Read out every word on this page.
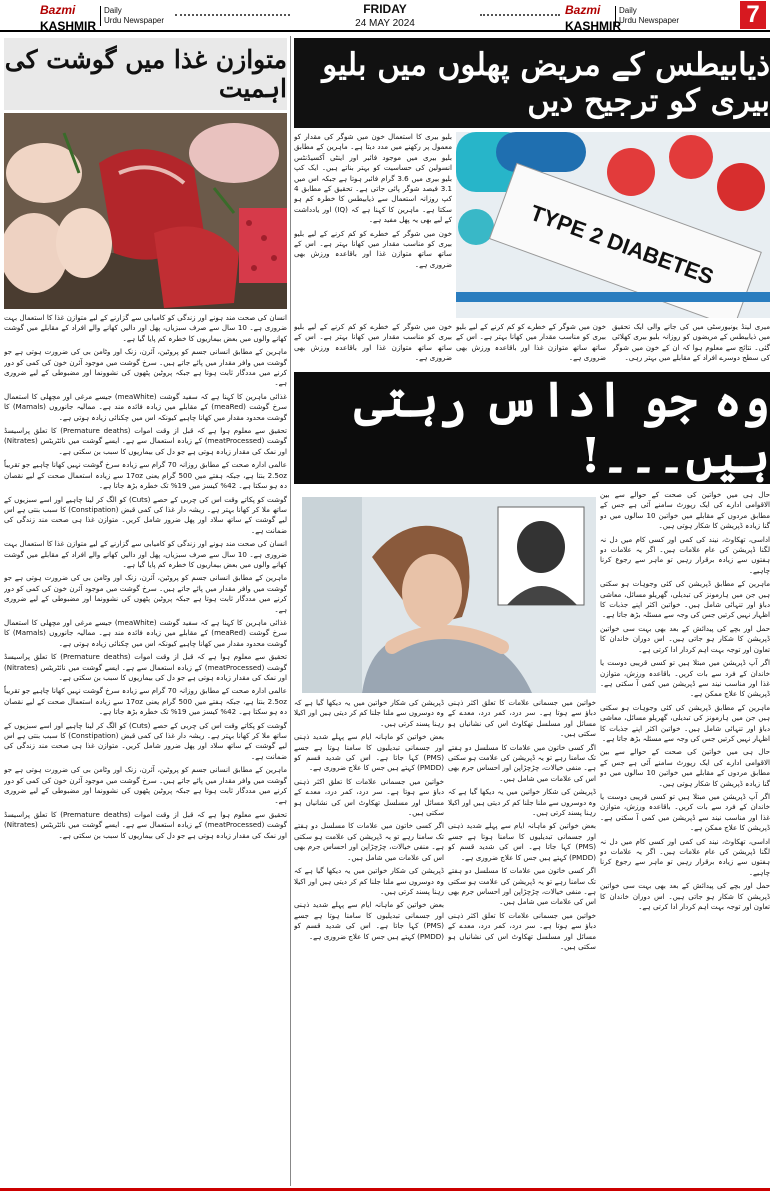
Bazmi
KASHMIR
Daily
Urdu Newspaper
FRIDAY
24 MAY 2024
Bazmi
KASHMIR
Daily
Urdu Newspaper	7
متوازن غذا میں گوشت کی اہمیت

انسان کی صحت مند ہونے اور زندگی کو کامیابی سے گزارنے کے لیے متوازن غذا کا استعمال بہت ضروری ہے۔ 10 سال سے صرف سبزیاں، پھل اور دالیں کھانے والے افراد کے مقابلے میں گوشت کھانے والوں میں بعض بیماریوں کا خطرہ کم پایا گیا ہے۔

ماہرین کے مطابق انسانی جسم کو پروٹین، آئرن، زنک اور وٹامن بی کی ضرورت ہوتی ہے جو گوشت میں وافر مقدار میں پائے جاتے ہیں۔ سرخ گوشت میں موجود آئرن خون کی کمی کو دور کرنے میں مددگار ثابت ہوتا ہے جبکہ پروٹین پٹھوں کی نشوونما اور مضبوطی کے لیے ضروری ہے۔

غذائی ماہرین کا کہنا ہے کہ سفید گوشت (meaWhite) جیسے مرغی اور مچھلی کا استعمال سرخ گوشت (meaRed) کے مقابلے میں زیادہ فائدہ مند ہے۔ ممالیہ جانوروں (Mamals) کا گوشت محدود مقدار میں کھانا چاہیے کیونکہ اس میں چکنائی زیادہ ہوتی ہے۔

تحقیق سے معلوم ہوا ہے کہ قبل از وقت اموات (Premature deaths) کا تعلق پراسیسڈ گوشت (meatProcessed) کے زیادہ استعمال سے ہے۔ ایسے گوشت میں نائٹریٹس (Nitrates) اور نمک کی مقدار زیادہ ہوتی ہے جو دل کی بیماریوں کا سبب بن سکتی ہے۔

عالمی ادارہ صحت کے مطابق روزانہ 70 گرام سے زیادہ سرخ گوشت نہیں کھانا چاہیے جو تقریباً 2.5oz بنتا ہے، جبکہ ہفتے میں 500 گرام یعنی 17oz سے زیادہ استعمال صحت کے لیے نقصان دہ ہو سکتا ہے۔ 42% کیسز میں 19% تک خطرہ بڑھ جاتا ہے۔

گوشت کو پکاتے وقت اس کی چربی کے حصے (Cuts) کو الگ کر لینا چاہیے اور اسے سبزیوں کے ساتھ ملا کر کھانا بہتر ہے۔ ریشہ دار غذا کی کمی قبض (Constipation) کا سبب بنتی ہے اس لیے گوشت کے ساتھ سلاد اور پھل ضرور شامل کریں۔ متوازن غذا ہی صحت مند زندگی کی ضمانت ہے۔

انسان کی صحت مند ہونے اور زندگی کو کامیابی سے گزارنے کے لیے متوازن غذا کا استعمال بہت ضروری ہے۔ 10 سال سے صرف سبزیاں، پھل اور دالیں کھانے والے افراد کے مقابلے میں گوشت کھانے والوں میں بعض بیماریوں کا خطرہ کم پایا گیا ہے۔

ماہرین کے مطابق انسانی جسم کو پروٹین، آئرن، زنک اور وٹامن بی کی ضرورت ہوتی ہے جو گوشت میں وافر مقدار میں پائے جاتے ہیں۔ سرخ گوشت میں موجود آئرن خون کی کمی کو دور کرنے میں مددگار ثابت ہوتا ہے جبکہ پروٹین پٹھوں کی نشوونما اور مضبوطی کے لیے ضروری ہے۔

غذائی ماہرین کا کہنا ہے کہ سفید گوشت (meaWhite) جیسے مرغی اور مچھلی کا استعمال سرخ گوشت (meaRed) کے مقابلے میں زیادہ فائدہ مند ہے۔ ممالیہ جانوروں (Mamals) کا گوشت محدود مقدار میں کھانا چاہیے کیونکہ اس میں چکنائی زیادہ ہوتی ہے۔

تحقیق سے معلوم ہوا ہے کہ قبل از وقت اموات (Premature deaths) کا تعلق پراسیسڈ گوشت (meatProcessed) کے زیادہ استعمال سے ہے۔ ایسے گوشت میں نائٹریٹس (Nitrates) اور نمک کی مقدار زیادہ ہوتی ہے جو دل کی بیماریوں کا سبب بن سکتی ہے۔

عالمی ادارہ صحت کے مطابق روزانہ 70 گرام سے زیادہ سرخ گوشت نہیں کھانا چاہیے جو تقریباً 2.5oz بنتا ہے، جبکہ ہفتے میں 500 گرام یعنی 17oz سے زیادہ استعمال صحت کے لیے نقصان دہ ہو سکتا ہے۔ 42% کیسز میں 19% تک خطرہ بڑھ جاتا ہے۔

گوشت کو پکاتے وقت اس کی چربی کے حصے (Cuts) کو الگ کر لینا چاہیے اور اسے سبزیوں کے ساتھ ملا کر کھانا بہتر ہے۔ ریشہ دار غذا کی کمی قبض (Constipation) کا سبب بنتی ہے اس لیے گوشت کے ساتھ سلاد اور پھل ضرور شامل کریں۔ متوازن غذا ہی صحت مند زندگی کی ضمانت ہے۔

ماہرین کے مطابق انسانی جسم کو پروٹین، آئرن، زنک اور وٹامن بی کی ضرورت ہوتی ہے جو گوشت میں وافر مقدار میں پائے جاتے ہیں۔ سرخ گوشت میں موجود آئرن خون کی کمی کو دور کرنے میں مددگار ثابت ہوتا ہے جبکہ پروٹین پٹھوں کی نشوونما اور مضبوطی کے لیے ضروری ہے۔

تحقیق سے معلوم ہوا ہے کہ قبل از وقت اموات (Premature deaths) کا تعلق پراسیسڈ گوشت (meatProcessed) کے زیادہ استعمال سے ہے۔ ایسے گوشت میں نائٹریٹس (Nitrates) اور نمک کی مقدار زیادہ ہوتی ہے جو دل کی بیماریوں کا سبب بن سکتی ہے۔

ذیابیطس کے مریض پھلوں میں بلیو بیری کو ترجیح دیں

بلیو بیری کا استعمال خون میں شوگر کی مقدار کو معمول پر رکھنے میں مدد دیتا ہے۔ ماہرین کے مطابق بلیو بیری میں موجود فائبر اور اینٹی آکسیڈنٹس انسولین کی حساسیت کو بہتر بناتے ہیں۔ ایک کپ بلیو بیری میں 3.6 گرام فائبر ہوتا ہے جبکہ اس میں 3.1 فیصد شوگر پائی جاتی ہے۔ تحقیق کے مطابق 4 کپ روزانہ استعمال سے ذیابیطس کا خطرہ کم ہو سکتا ہے۔ ماہرین کا کہنا ہے کہ (IQ) اور یادداشت کے لیے بھی یہ پھل مفید ہے۔

خون میں شوگر کے خطرے کو کم کرنے کے لیے بلیو بیری کو مناسب مقدار میں کھانا بہتر ہے۔ اس کے ساتھ ساتھ متوازن غذا اور باقاعدہ ورزش بھی ضروری ہے۔	TYPE 2 DIABETES

خون میں شوگر کے خطرے کو کم کرنے کے لیے بلیو بیری کو مناسب مقدار میں کھانا بہتر ہے۔ اس کے ساتھ ساتھ متوازن غذا اور باقاعدہ ورزش بھی ضروری ہے۔

خون میں شوگر کے خطرے کو کم کرنے کے لیے بلیو بیری کو مناسب مقدار میں کھانا بہتر ہے۔ اس کے ساتھ ساتھ متوازن غذا اور باقاعدہ ورزش بھی ضروری ہے۔

میری لینڈ یونیورسٹی میں کی جانے والی ایک تحقیق میں ذیابیطس کے مریضوں کو روزانہ بلیو بیری کھلائی گئی۔ نتائج سے معلوم ہوا کہ ان کے خون میں شوگر کی سطح دوسرے افراد کے مقابلے میں بہتر رہی۔

وہ جو اداس رہتی ہیں۔۔۔!

حال ہی میں خواتین کی صحت کے حوالے سے بین الاقوامی ادارے کی ایک رپورٹ سامنے آئی ہے جس کے مطابق مردوں کے مقابلے میں خواتین 10 سالوں میں دو گنا زیادہ ڈپریشن کا شکار ہوتی ہیں۔

اداسی، تھکاوٹ، نیند کی کمی اور کسی کام میں دل نہ لگنا ڈپریشن کی عام علامات ہیں۔ اگر یہ علامات دو ہفتوں سے زیادہ برقرار رہیں تو ماہر سے رجوع کرنا چاہیے۔

ماہرین کے مطابق ڈپریشن کی کئی وجوہات ہو سکتی ہیں جن میں ہارمونز کی تبدیلی، گھریلو مسائل، معاشی دباؤ اور تنہائی شامل ہیں۔ خواتین اکثر اپنے جذبات کا اظہار نہیں کرتیں جس کی وجہ سے مسئلہ بڑھ جاتا ہے۔

حمل اور بچے کی پیدائش کے بعد بھی بہت سی خواتین ڈپریشن کا شکار ہو جاتی ہیں۔ اس دوران خاندان کا تعاون اور توجہ بہت اہم کردار ادا کرتی ہے۔

اگر آپ ڈپریشن میں مبتلا ہیں تو کسی قریبی دوست یا خاندان کے فرد سے بات کریں۔ باقاعدہ ورزش، متوازن غذا اور مناسب نیند سے ڈپریشن میں کمی آ سکتی ہے۔ ڈپریشن کا علاج ممکن ہے۔

ماہرین کے مطابق ڈپریشن کی کئی وجوہات ہو سکتی ہیں جن میں ہارمونز کی تبدیلی، گھریلو مسائل، معاشی دباؤ اور تنہائی شامل ہیں۔ خواتین اکثر اپنے جذبات کا اظہار نہیں کرتیں جس کی وجہ سے مسئلہ بڑھ جاتا ہے۔

حال ہی میں خواتین کی صحت کے حوالے سے بین الاقوامی ادارے کی ایک رپورٹ سامنے آئی ہے جس کے مطابق مردوں کے مقابلے میں خواتین 10 سالوں میں دو گنا زیادہ ڈپریشن کا شکار ہوتی ہیں۔

اگر آپ ڈپریشن میں مبتلا ہیں تو کسی قریبی دوست یا خاندان کے فرد سے بات کریں۔ باقاعدہ ورزش، متوازن غذا اور مناسب نیند سے ڈپریشن میں کمی آ سکتی ہے۔ ڈپریشن کا علاج ممکن ہے۔

اداسی، تھکاوٹ، نیند کی کمی اور کسی کام میں دل نہ لگنا ڈپریشن کی عام علامات ہیں۔ اگر یہ علامات دو ہفتوں سے زیادہ برقرار رہیں تو ماہر سے رجوع کرنا چاہیے۔

حمل اور بچے کی پیدائش کے بعد بھی بہت سی خواتین ڈپریشن کا شکار ہو جاتی ہیں۔ اس دوران خاندان کا تعاون اور توجہ بہت اہم کردار ادا کرتی ہے۔

خواتین میں جسمانی علامات کا تعلق اکثر ذہنی دباؤ سے ہوتا ہے۔ سر درد، کمر درد، معدے کے مسائل اور مسلسل تھکاوٹ اس کی نشانیاں ہو سکتی ہیں۔

اگر کسی خاتون میں علامات کا مسلسل دو ہفتے تک سامنا رہے تو یہ ڈپریشن کی علامت ہو سکتی ہے۔ منفی خیالات، چڑچڑاپن اور احساس جرم بھی اس کی علامات میں شامل ہیں۔

ڈپریشن کی شکار خواتین میں یہ دیکھا گیا ہے کہ وہ دوسروں سے ملنا جلنا کم کر دیتی ہیں اور اکیلا رہنا پسند کرتی ہیں۔

بعض خواتین کو ماہانہ ایام سے پہلے شدید ذہنی اور جسمانی تبدیلیوں کا سامنا ہوتا ہے جسے (PMS) کہا جاتا ہے۔ اس کی شدید قسم کو (PMDD) کہتے ہیں جس کا علاج ضروری ہے۔

اگر کسی خاتون میں علامات کا مسلسل دو ہفتے تک سامنا رہے تو یہ ڈپریشن کی علامت ہو سکتی ہے۔ منفی خیالات، چڑچڑاپن اور احساس جرم بھی اس کی علامات میں شامل ہیں۔

خواتین میں جسمانی علامات کا تعلق اکثر ذہنی دباؤ سے ہوتا ہے۔ سر درد، کمر درد، معدے کے مسائل اور مسلسل تھکاوٹ اس کی نشانیاں ہو سکتی ہیں۔

ڈپریشن کی شکار خواتین میں یہ دیکھا گیا ہے کہ وہ دوسروں سے ملنا جلنا کم کر دیتی ہیں اور اکیلا رہنا پسند کرتی ہیں۔

بعض خواتین کو ماہانہ ایام سے پہلے شدید ذہنی اور جسمانی تبدیلیوں کا سامنا ہوتا ہے جسے (PMS) کہا جاتا ہے۔ اس کی شدید قسم کو (PMDD) کہتے ہیں جس کا علاج ضروری ہے۔

خواتین میں جسمانی علامات کا تعلق اکثر ذہنی دباؤ سے ہوتا ہے۔ سر درد، کمر درد، معدے کے مسائل اور مسلسل تھکاوٹ اس کی نشانیاں ہو سکتی ہیں۔

اگر کسی خاتون میں علامات کا مسلسل دو ہفتے تک سامنا رہے تو یہ ڈپریشن کی علامت ہو سکتی ہے۔ منفی خیالات، چڑچڑاپن اور احساس جرم بھی اس کی علامات میں شامل ہیں۔

ڈپریشن کی شکار خواتین میں یہ دیکھا گیا ہے کہ وہ دوسروں سے ملنا جلنا کم کر دیتی ہیں اور اکیلا رہنا پسند کرتی ہیں۔

بعض خواتین کو ماہانہ ایام سے پہلے شدید ذہنی اور جسمانی تبدیلیوں کا سامنا ہوتا ہے جسے (PMS) کہا جاتا ہے۔ اس کی شدید قسم کو (PMDD) کہتے ہیں جس کا علاج ضروری ہے۔
